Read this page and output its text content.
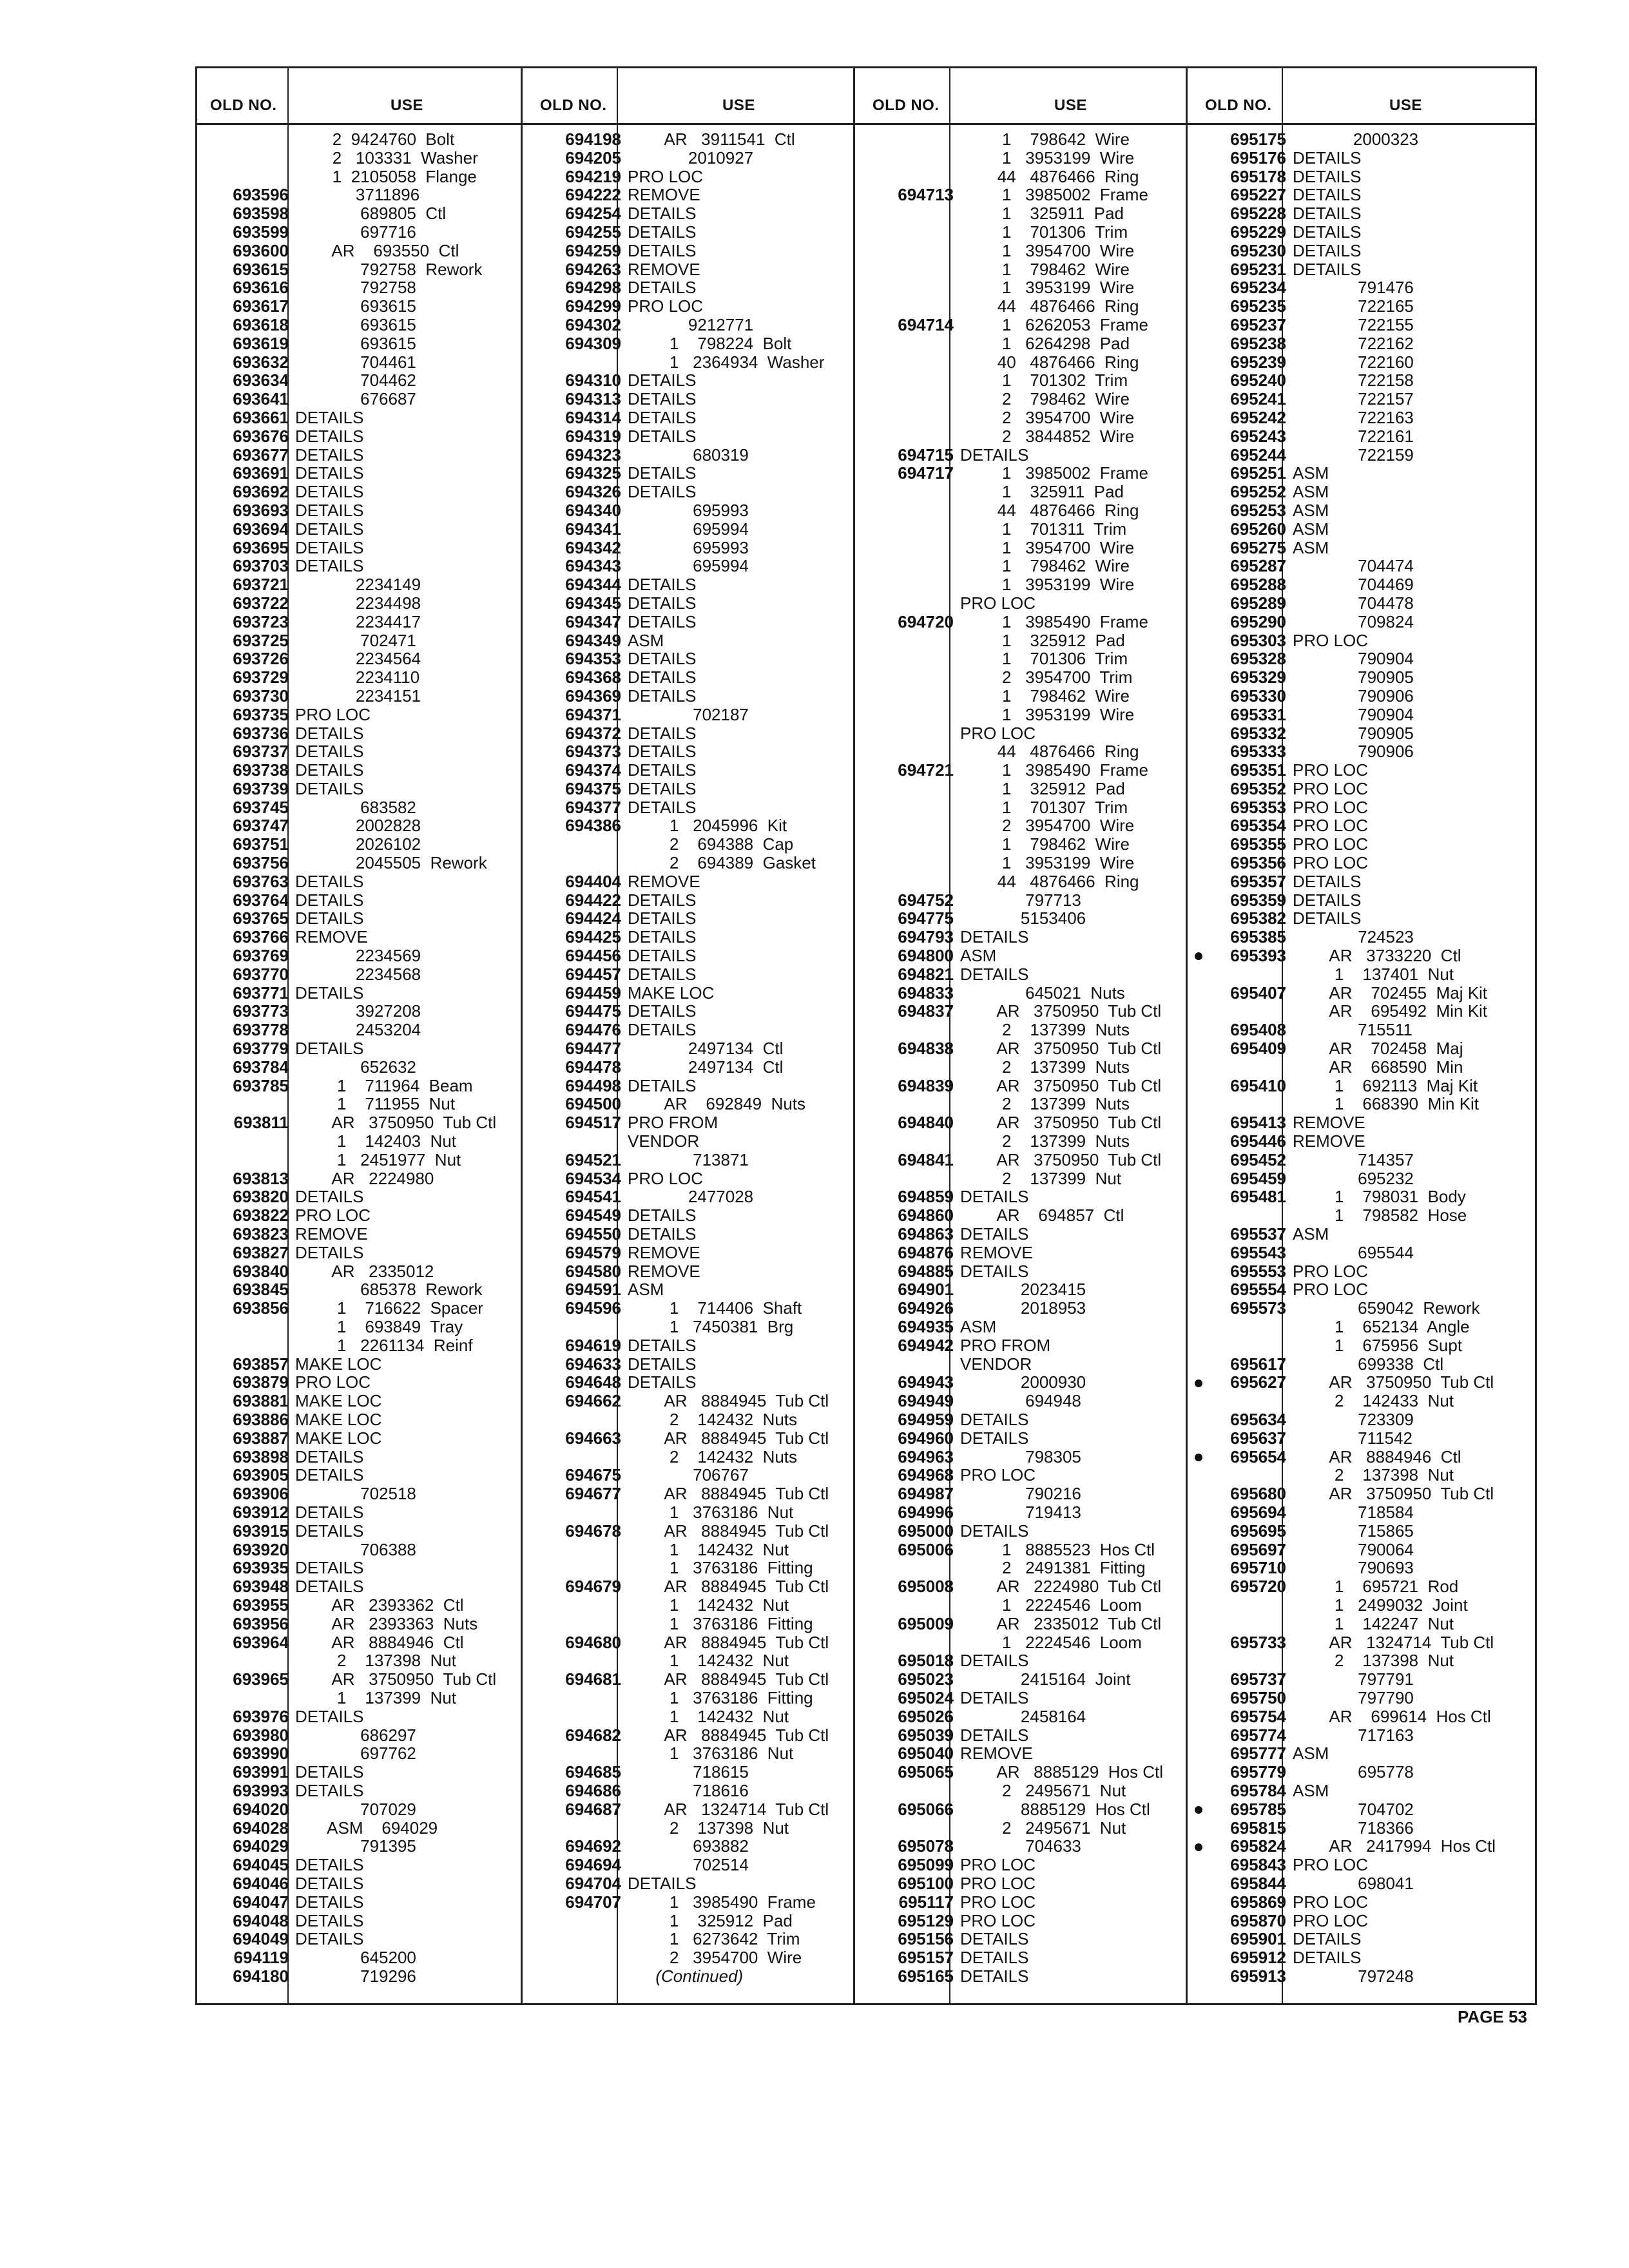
OLD NO.	USE	OLD NO.	USE	OLD NO.	USE	OLD NO.	USE
2  9424760  Bolt
2   103331  Washer
1  2105058  Flange
693596             3711896
693598              689805  Ctl
693599              697716
693600        AR    693550  Ctl
693615              792758  Rework
693616              792758
693617              693615
693618              693615
693619              693615
693632              704461
693634              704462
693641              676687
693661 DETAILS
693676 DETAILS
693677 DETAILS
693691 DETAILS
693692 DETAILS
693693 DETAILS
693694 DETAILS
693695 DETAILS
693703 DETAILS
693721             2234149
693722             2234498
693723             2234417
693725              702471
693726             2234564
693729             2234110
693730             2234151
693735 PRO LOC
693736 DETAILS
693737 DETAILS
693738 DETAILS
693739 DETAILS
693745              683582
693747             2002828
693751             2026102
693756             2045505  Rework
693763 DETAILS
693764 DETAILS
693765 DETAILS
693766 REMOVE
693769             2234569
693770             2234568
693771 DETAILS
693773             3927208
693778             2453204
693779 DETAILS
693784              652632
693785         1    711964  Beam
1    711955  Nut
693811        AR   3750950  Tub Ctl
1    142403  Nut
1   2451977  Nut
693813        AR   2224980
693820 DETAILS
693822 PRO LOC
693823 REMOVE
693827 DETAILS
693840        AR   2335012
693845              685378  Rework
693856         1    716622  Spacer
1    693849  Tray
1   2261134  Reinf
693857 MAKE LOC
693879 PRO LOC
693881 MAKE LOC
693886 MAKE LOC
693887 MAKE LOC
693898 DETAILS
693905 DETAILS
693906              702518
693912 DETAILS
693915 DETAILS
693920              706388
693935 DETAILS
693948 DETAILS
693955        AR   2393362  Ctl
693956        AR   2393363  Nuts
693964        AR   8884946  Ctl
2    137398  Nut
693965        AR   3750950  Tub Ctl
1    137399  Nut
693976 DETAILS
693980              686297
693990              697762
693991 DETAILS
693993 DETAILS
694020              707029
694028       ASM    694029
694029              791395
694045 DETAILS
694046 DETAILS
694047 DETAILS
694048 DETAILS
694049 DETAILS
694119              645200
694180              719296
694198        AR   3911541  Ctl
694205             2010927
694219 PRO LOC
694222 REMOVE
694254 DETAILS
694255 DETAILS
694259 DETAILS
694263 REMOVE
694298 DETAILS
694299 PRO LOC
694302             9212771
694309         1    798224  Bolt
1   2364934  Washer
694310 DETAILS
694313 DETAILS
694314 DETAILS
694319 DETAILS
694323              680319
694325 DETAILS
694326 DETAILS
694340              695993
694341              695994
694342              695993
694343              695994
694344 DETAILS
694345 DETAILS
694347 DETAILS
694349 ASM
694353 DETAILS
694368 DETAILS
694369 DETAILS
694371              702187
694372 DETAILS
694373 DETAILS
694374 DETAILS
694375 DETAILS
694377 DETAILS
694386         1   2045996  Kit
2    694388  Cap
2    694389  Gasket
694404 REMOVE
694422 DETAILS
694424 DETAILS
694425 DETAILS
694456 DETAILS
694457 DETAILS
694459 MAKE LOC
694475 DETAILS
694476 DETAILS
694477             2497134  Ctl
694478             2497134  Ctl
694498 DETAILS
694500        AR    692849  Nuts
694517 PRO FROM
VENDOR
694521              713871
694534 PRO LOC
694541             2477028
694549 DETAILS
694550 DETAILS
694579 REMOVE
694580 REMOVE
694591 ASM
694596         1    714406  Shaft
1   7450381  Brg
694619 DETAILS
694633 DETAILS
694648 DETAILS
694662        AR   8884945  Tub Ctl
2    142432  Nuts
694663        AR   8884945  Tub Ctl
2    142432  Nuts
694675              706767
694677        AR   8884945  Tub Ctl
1   3763186  Nut
694678        AR   8884945  Tub Ctl
1    142432  Nut
1   3763186  Fitting
694679        AR   8884945  Tub Ctl
1    142432  Nut
1   3763186  Fitting
694680        AR   8884945  Tub Ctl
1    142432  Nut
694681        AR   8884945  Tub Ctl
1   3763186  Fitting
1    142432  Nut
694682        AR   8884945  Tub Ctl
1   3763186  Nut
694685              718615
694686              718616
694687        AR   1324714  Tub Ctl
2    137398  Nut
694692              693882
694694              702514
694704 DETAILS
694707         1   3985490  Frame
1    325912  Pad
1   6273642  Trim
2   3954700  Wire
(Continued)
1    798642  Wire
1   3953199  Wire
44   4876466  Ring
694713         1   3985002  Frame
1    325911  Pad
1    701306  Trim
1   3954700  Wire
1    798462  Wire
1   3953199  Wire
44   4876466  Ring
694714         1   6262053  Frame
1   6264298  Pad
40   4876466  Ring
1    701302  Trim
2    798462  Wire
2   3954700  Wire
2   3844852  Wire
694715 DETAILS
694717         1   3985002  Frame
1    325911  Pad
44   4876466  Ring
1    701311  Trim
1   3954700  Wire
1    798462  Wire
1   3953199  Wire
PRO LOC
694720         1   3985490  Frame
1    325912  Pad
1    701306  Trim
2   3954700  Trim
1    798462  Wire
1   3953199  Wire
PRO LOC
44   4876466  Ring
694721         1   3985490  Frame
1    325912  Pad
1    701307  Trim
2   3954700  Wire
1    798462  Wire
1   3953199  Wire
44   4876466  Ring
694752              797713
694775             5153406
694793 DETAILS
694800 ASM
694821 DETAILS
694833              645021  Nuts
694837        AR   3750950  Tub Ctl
2    137399  Nuts
694838        AR   3750950  Tub Ctl
2    137399  Nuts
694839        AR   3750950  Tub Ctl
2    137399  Nuts
694840        AR   3750950  Tub Ctl
2    137399  Nuts
694841        AR   3750950  Tub Ctl
2    137399  Nut
694859 DETAILS
694860        AR    694857  Ctl
694863 DETAILS
694876 REMOVE
694885 DETAILS
694901             2023415
694926             2018953
694935 ASM
694942 PRO FROM
VENDOR
694943             2000930
694949              694948
694959 DETAILS
694960 DETAILS
694963              798305
694968 PRO LOC
694987              790216
694996              719413
695000 DETAILS
695006         1   8885523  Hos Ctl
2   2491381  Fitting
695008        AR   2224980  Tub Ctl
1   2224546  Loom
695009        AR   2335012  Tub Ctl
1   2224546  Loom
695018 DETAILS
695023             2415164  Joint
695024 DETAILS
695026             2458164
695039 DETAILS
695040 REMOVE
695065        AR   8885129  Hos Ctl
2   2495671  Nut
695066             8885129  Hos Ctl
2   2495671  Nut
695078              704633
695099 PRO LOC
695100 PRO LOC
695117 PRO LOC
695129 PRO LOC
695156 DETAILS
695157 DETAILS
695165 DETAILS
695175             2000323
695176 DETAILS
695178 DETAILS
695227 DETAILS
695228 DETAILS
695229 DETAILS
695230 DETAILS
695231 DETAILS
695234              791476
695235              722165
695237              722155
695238              722162
695239              722160
695240              722158
695241              722157
695242              722163
695243              722161
695244              722159
695251 ASM
695252 ASM
695253 ASM
695260 ASM
695275 ASM
695287              704474
695288              704469
695289              704478
695290              709824
695303 PRO LOC
695328              790904
695329              790905
695330              790906
695331              790904
695332              790905
695333              790906
695351 PRO LOC
695352 PRO LOC
695353 PRO LOC
695354 PRO LOC
695355 PRO LOC
695356 PRO LOC
695357 DETAILS
695359 DETAILS
695382 DETAILS
695385              724523
695393        AR   3733220  Ctl
1    137401  Nut
695407        AR    702455  Maj Kit
AR    695492  Min Kit
695408              715511
695409        AR    702458  Maj
AR    668590  Min
695410         1    692113  Maj Kit
1    668390  Min Kit
695413 REMOVE
695446 REMOVE
695452              714357
695459              695232
695481         1    798031  Body
1    798582  Hose
695537 ASM
695543              695544
695553 PRO LOC
695554 PRO LOC
695573              659042  Rework
1    652134  Angle
1    675956  Supt
695617              699338  Ctl
695627        AR   3750950  Tub Ctl
2    142433  Nut
695634              723309
695637              711542
695654        AR   8884946  Ctl
2    137398  Nut
695680        AR   3750950  Tub Ctl
695694              718584
695695              715865
695697              790064
695710              790693
695720         1    695721  Rod
1   2499032  Joint
1    142247  Nut
695733        AR   1324714  Tub Ctl
2    137398  Nut
695737              797791
695750              797790
695754        AR    699614  Hos Ctl
695774              717163
695777 ASM
695779              695778
695784 ASM
695785              704702
695815              718366
695824        AR   2417994  Hos Ctl
695843 PRO LOC
695844              698041
695869 PRO LOC
695870 PRO LOC
695901 DETAILS
695912 DETAILS
695913              797248
PAGE 53
